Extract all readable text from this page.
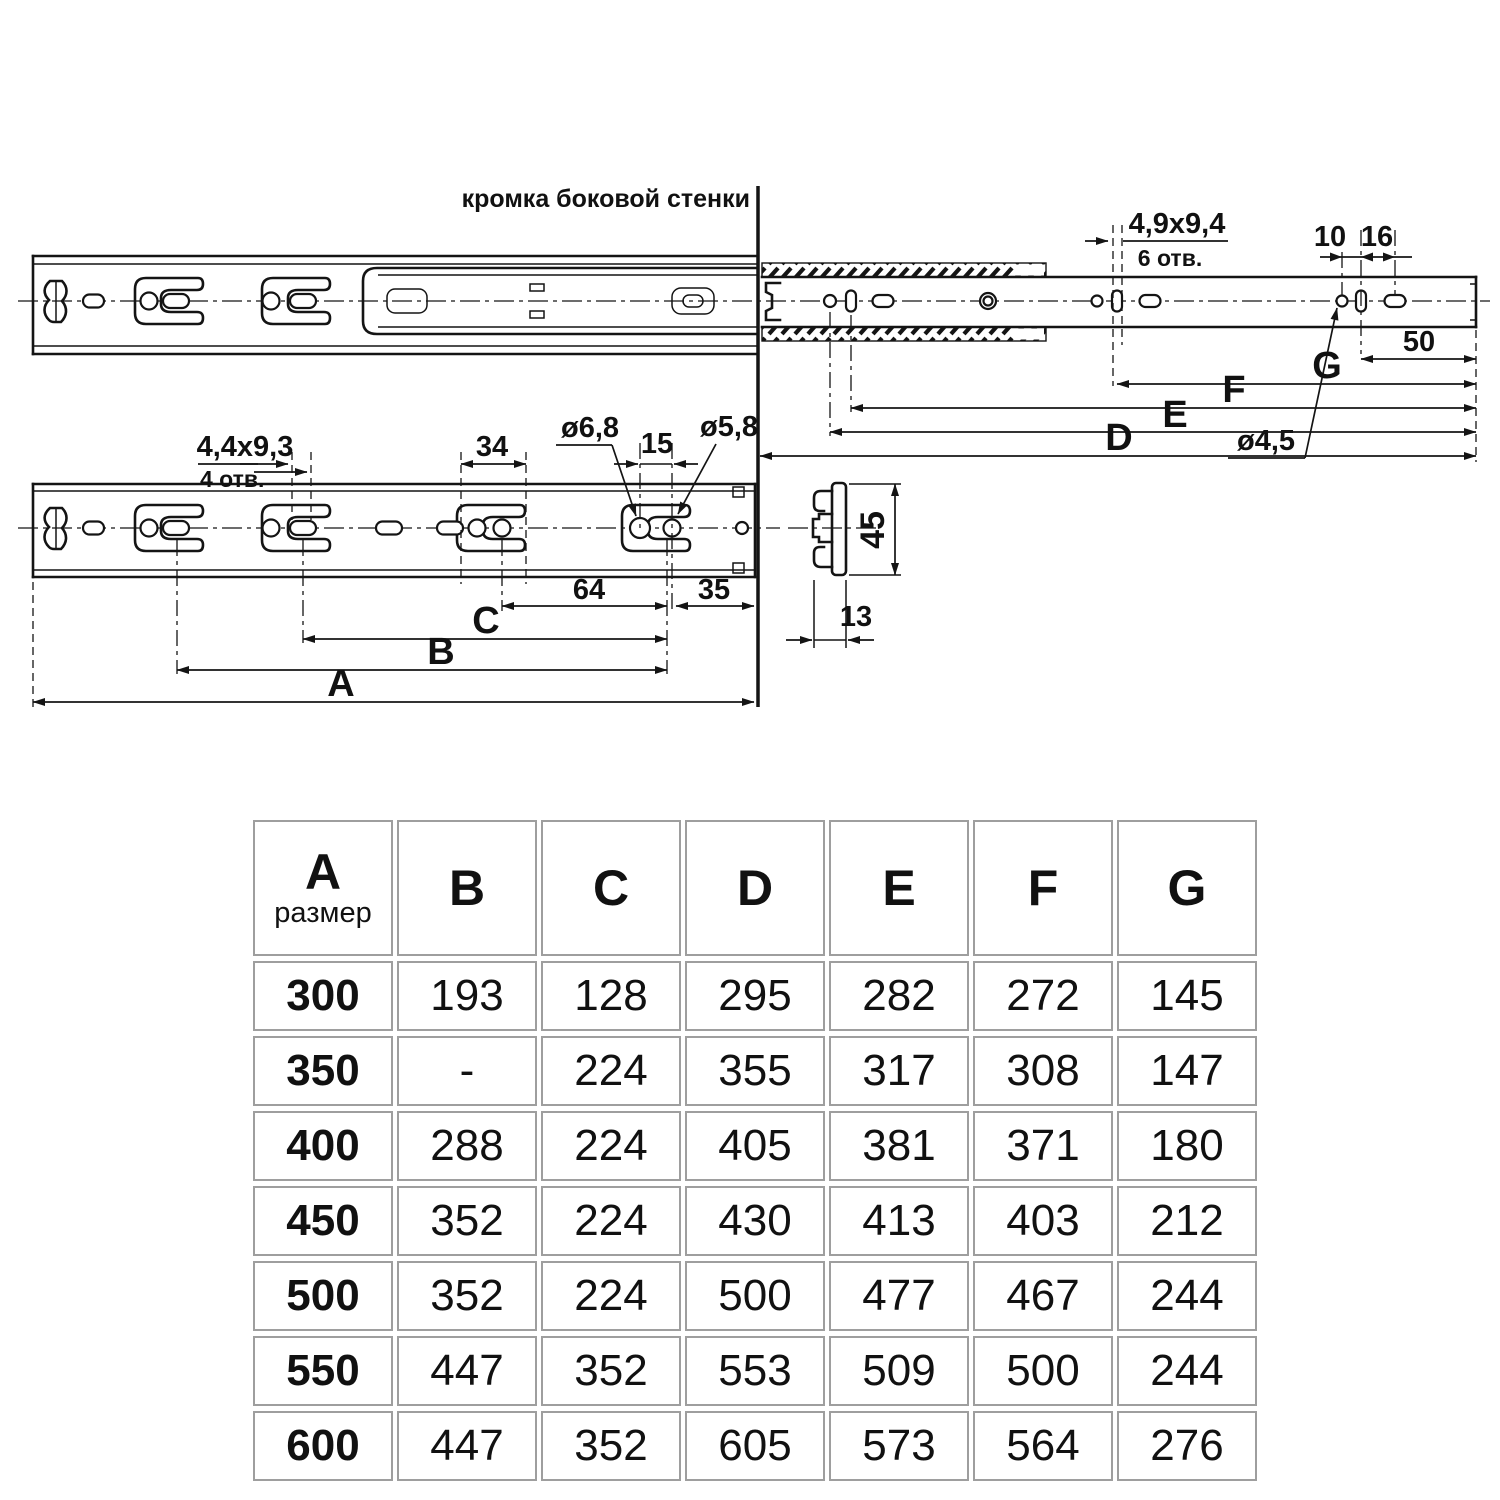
кромка боковой стенки
4,9x9,4
6 отв.
10 16
ø4,5
50
G
F
E
D
4,4x9,3
4 отв.
34
ø6,8 15
ø5,8
64	35
C
B
A
45
13
A
размер	B	C	D	E	F	G

300	193	128	295	282	272	145
350	-	224	355	317	308	147
400	288	224	405	381	371	180
450	352	224	430	413	403	212
500	352	224	500	477	467	244
550	447	352	553	509	500	244
600	447	352	605	573	564	276
